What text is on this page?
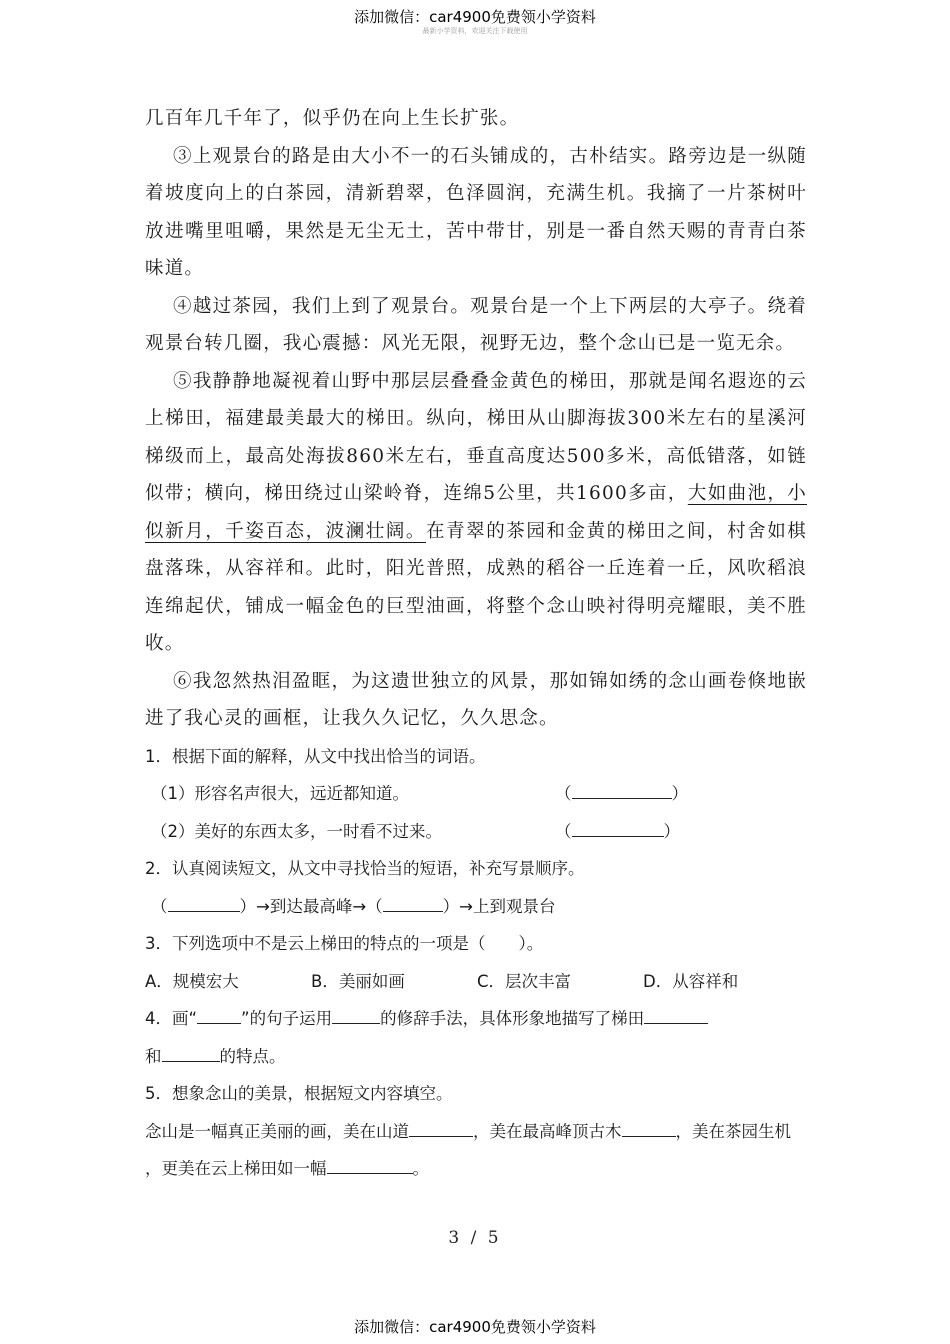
添加微信：car4900免费领小学资料
最新小学资料，欢迎关注下载使用

几百年几千年了，似乎仍在向上生长扩张。

③上观景台的路是由大小不一的石头铺成的，古朴结实。路旁边是一纵随着坡度向上的白茶园，清新碧翠，色泽圆润，充满生机。我摘了一片茶树叶放进嘴里咀嚼，果然是无尘无土，苦中带甘，别是一番自然天赐的青青白茶味道。

④越过茶园，我们上到了观景台。观景台是一个上下两层的大亭子。绕着观景台转几圈，我心震撼：风光无限，视野无边，整个念山已是一览无余。

⑤我静静地凝视着山野中那层层叠叠金黄色的梯田，那就是闻名遐迩的云上梯田，福建最美最大的梯田。纵向，梯田从山脚海拔300米左右的星溪河梯级而上，最高处海拔860米左右，垂直高度达500多米，高低错落，如链似带；横向，梯田绕过山梁岭脊，连绵5公里，共1600多亩，大如曲池，小似新月，千姿百态，波澜壮阔。在青翠的茶园和金黄的梯田之间，村舍如棋盘落珠，从容祥和。此时，阳光普照，成熟的稻谷一丘连着一丘，风吹稻浪连绵起伏，铺成一幅金色的巨型油画，将整个念山映衬得明亮耀眼，美不胜收。

⑥我忽然热泪盈眶，为这遗世独立的风景，那如锦如绣的念山画卷倏地嵌进了我心灵的画框，让我久久记忆，久久思念。

1．根据下面的解释，从文中找出恰当的词语。

（1）形容名声很大，远近都知道。	（	）

（2）美好的东西太多，一时看不过来。	（	）

2．认真阅读短文，从文中寻找恰当的短语，补充写景顺序。

（	）→到达最高峰→（	）→上到观景台

3．下列选项中不是云上梯田的特点的一项是（　　）。

A．规模宏大	B．美丽如画	C．层次丰富	D．从容祥和

4．画“	”的句子运用	的修辞手法，具体形象地描写了梯田

和	的特点。

5．想象念山的美景，根据短文内容填空。

念山是一幅真正美丽的画，美在山道	，美在最高峰顶古木	，美在茶园生机

，更美在云上梯田如一幅	。

3 / 5
添加微信：car4900免费领小学资料
